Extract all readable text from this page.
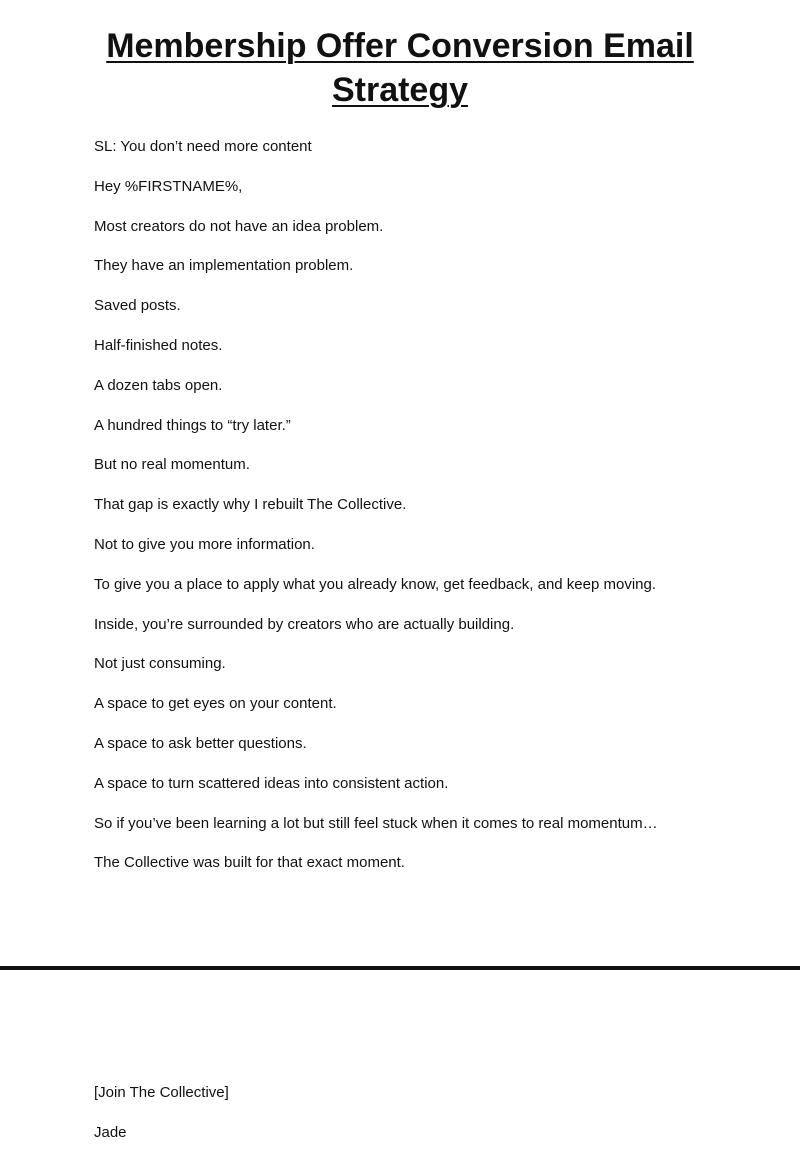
Membership Offer Conversion Email
Strategy
SL: You don’t need more content
Hey %FIRSTNAME%,
Most creators do not have an idea problem.
They have an implementation problem.
Saved posts.
Half-finished notes.
A dozen tabs open.
A hundred things to “try later.”
But no real momentum.
That gap is exactly why I rebuilt The Collective.
Not to give you more information.
To give you a place to apply what you already know, get feedback, and keep moving.
Inside, you’re surrounded by creators who are actually building.
Not just consuming.
A space to get eyes on your content.
A space to ask better questions.
A space to turn scattered ideas into consistent action.
So if you’ve been learning a lot but still feel stuck when it comes to real momentum…
The Collective was built for that exact moment.
[Join The Collective]
Jade
